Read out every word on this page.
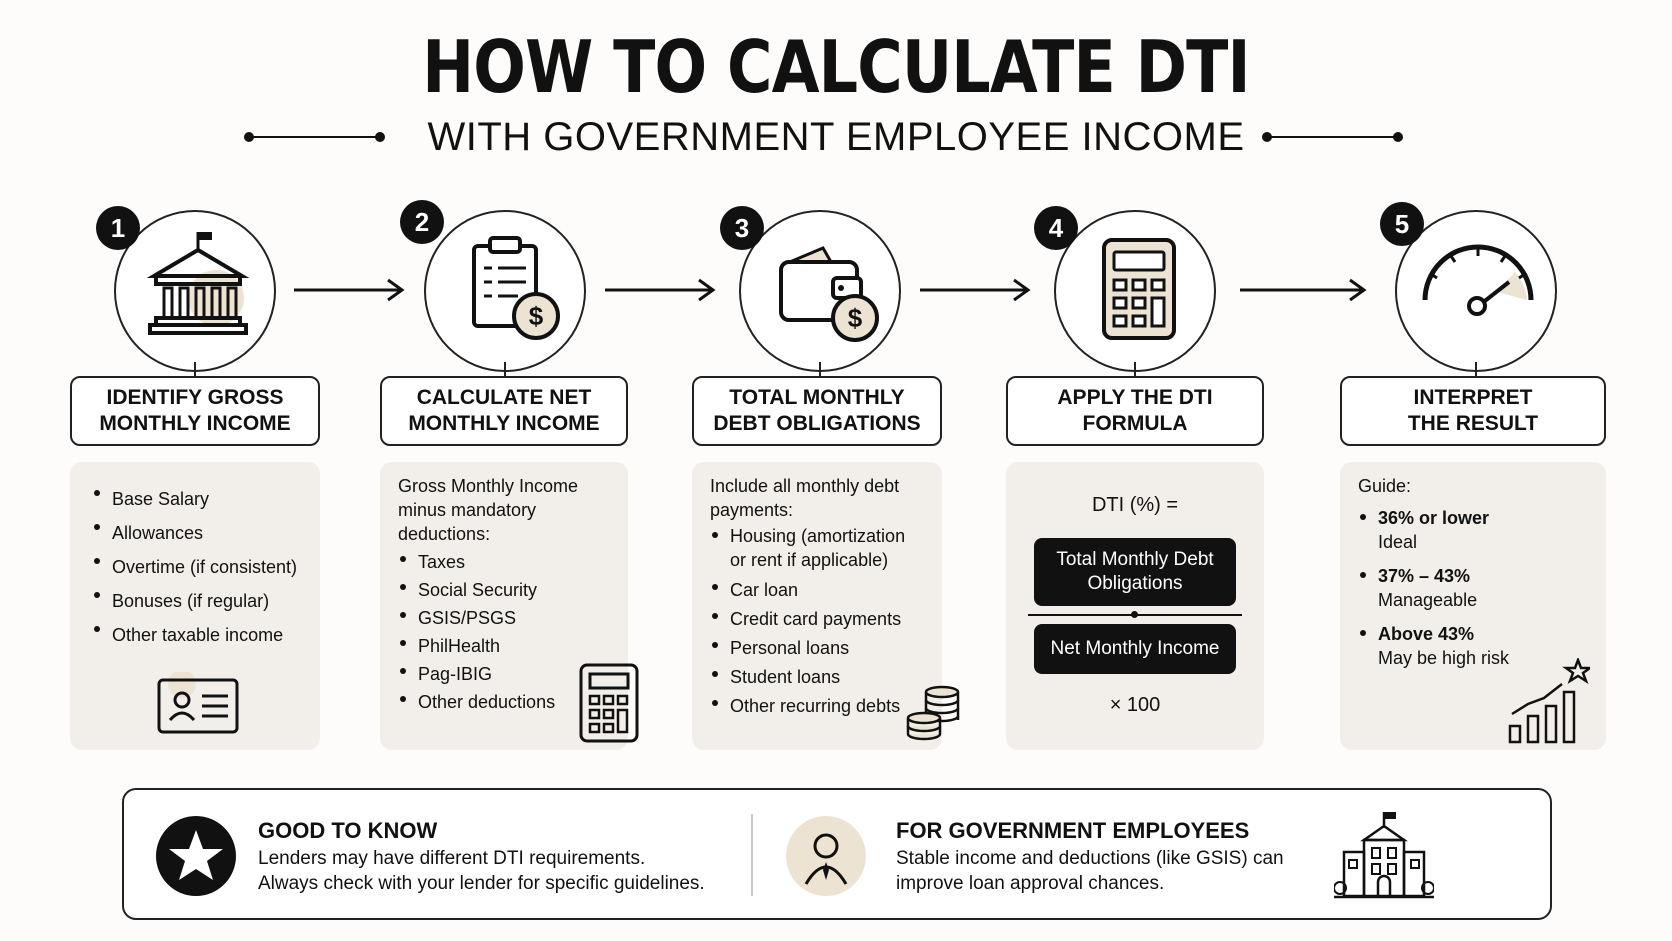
HOW TO CALCULATE DTI
WITH GOVERNMENT EMPLOYEE INCOME
1
IDENTIFY GROSS
MONTHLY INCOME
Base Salary
Allowances
Overtime (if consistent)
Bonuses (if regular)
Other taxable income
$
2
CALCULATE NET
MONTHLY INCOME
Gross Monthly Income
minus mandatory
deductions:
Taxes
Social Security
GSIS/PSGS
PhilHealth
Pag-IBIG
Other deductions
$
3
TOTAL MONTHLY
DEBT OBLIGATIONS
Include all monthly debt
payments:
Housing (amortization
or rent if applicable)
Car loan
Credit card payments
Personal loans
Student loans
Other recurring debts
4
APPLY THE DTI
FORMULA
DTI (%) =
Total Monthly Debt
Obligations
Net Monthly Income
× 100
5
INTERPRET
THE RESULT
Guide:
36% or lower
Ideal
37% – 43%
Manageable
Above 43%
May be high risk
GOOD TO KNOW
Lenders may have different DTI requirements.
Always check with your lender for specific guidelines.
FOR GOVERNMENT EMPLOYEES
Stable income and deductions (like GSIS) can
improve loan approval chances.
